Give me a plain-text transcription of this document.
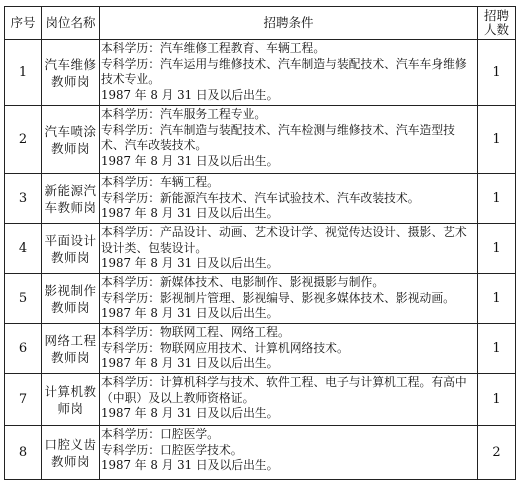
序号	岗位名称	招聘条件	招聘人数
1	汽车维修教师岗	本科学历：汽车维修工程教育、车辆工程。
专科学历：汽车运用与维修技术、汽车制造与装配技术、汽车车身维修技术专业。
1987 年 8 月 31 日及以后出生。	1
2	汽车喷涂教师岗	本科学历：汽车服务工程专业。
专科学历：汽车制造与装配技术、汽车检测与维修技术、汽车造型技术、汽车改装技术。
1987 年 8 月 31 日及以后出生。	1
3	新能源汽车教师岗	本科学历：车辆工程。
专科学历：新能源汽车技术、汽车试验技术、汽车改装技术。
1987 年 8 月 31 日及以后出生。	1
4	平面设计教师岗	本科学历：产品设计、动画、艺术设计学、视觉传达设计、摄影、艺术设计类、包装设计。
1987 年 8 月 31 日及以后出生。	1
5	影视制作教师岗	本科学历：新媒体技术、电影制作、影视摄影与制作。
专科学历：影视制片管理、影视编导、影视多媒体技术、影视动画。
1987 年 8 月 31 日及以后出生。	1
6	网络工程教师岗	本科学历：物联网工程、网络工程。
专科学历：物联网应用技术、计算机网络技术。
1987 年 8 月 31 日及以后出生。	1
7	计算机教师岗	本科学历：计算机科学与技术、软件工程、电子与计算机工程。有高中（中职）及以上教师资格证。
1987 年 8 月 31 日及以后出生。	1
8	口腔义齿教师岗	本科学历：口腔医学。
专科学历：口腔医学技术。
1987 年 8 月 31 日及以后出生。	2
